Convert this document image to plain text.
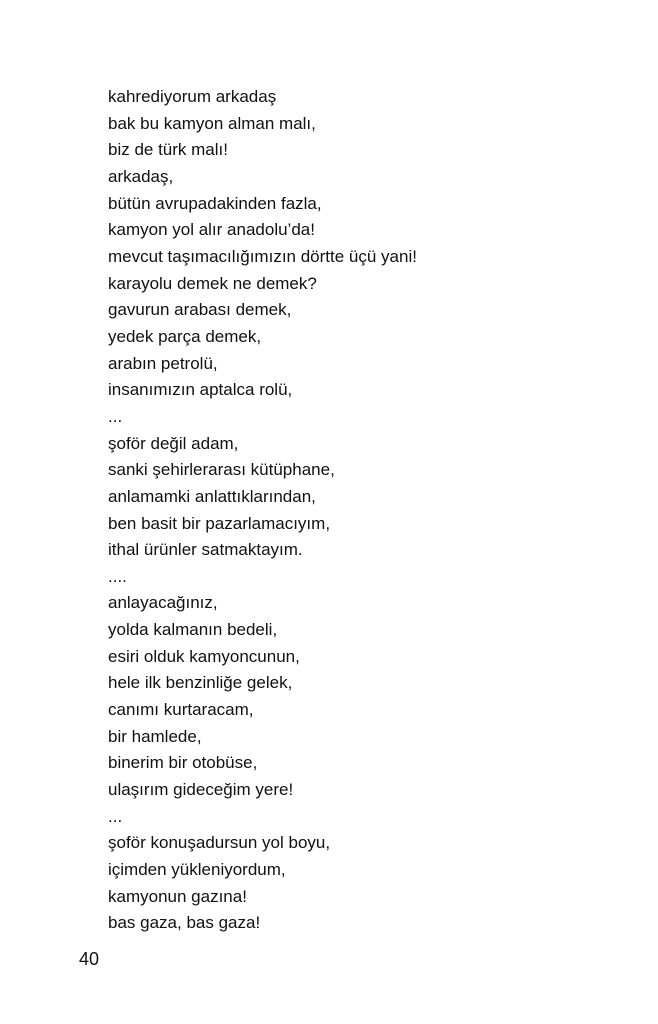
kahrediyorum arkadaş
bak bu kamyon alman malı,
biz de türk malı!
arkadaş,
bütün avrupadakinden fazla,
kamyon yol alır anadolu’da!
mevcut taşımacılığımızın dörtte üçü yani!
karayolu demek ne demek?
gavurun arabası demek,
yedek parça demek,
arabın petrolü,
insanımızın aptalca rolü,
...
şoför değil adam,
sanki şehirlerarası kütüphane,
anlamamki anlattıklarından,
ben basit bir pazarlamacıyım,
ithal ürünler satmaktayım.
....
anlayacağınız,
yolda kalmanın bedeli,
esiri olduk kamyoncunun,
hele ilk benzinliğe gelek,
canımı kurtaracam,
bir hamlede,
binerim bir otobüse,
ulaşırım gideceğim yere!
...
şoför konuşadursun yol boyu,
içimden yükleniyordum,
kamyonun gazına!
bas gaza, bas gaza!
40
